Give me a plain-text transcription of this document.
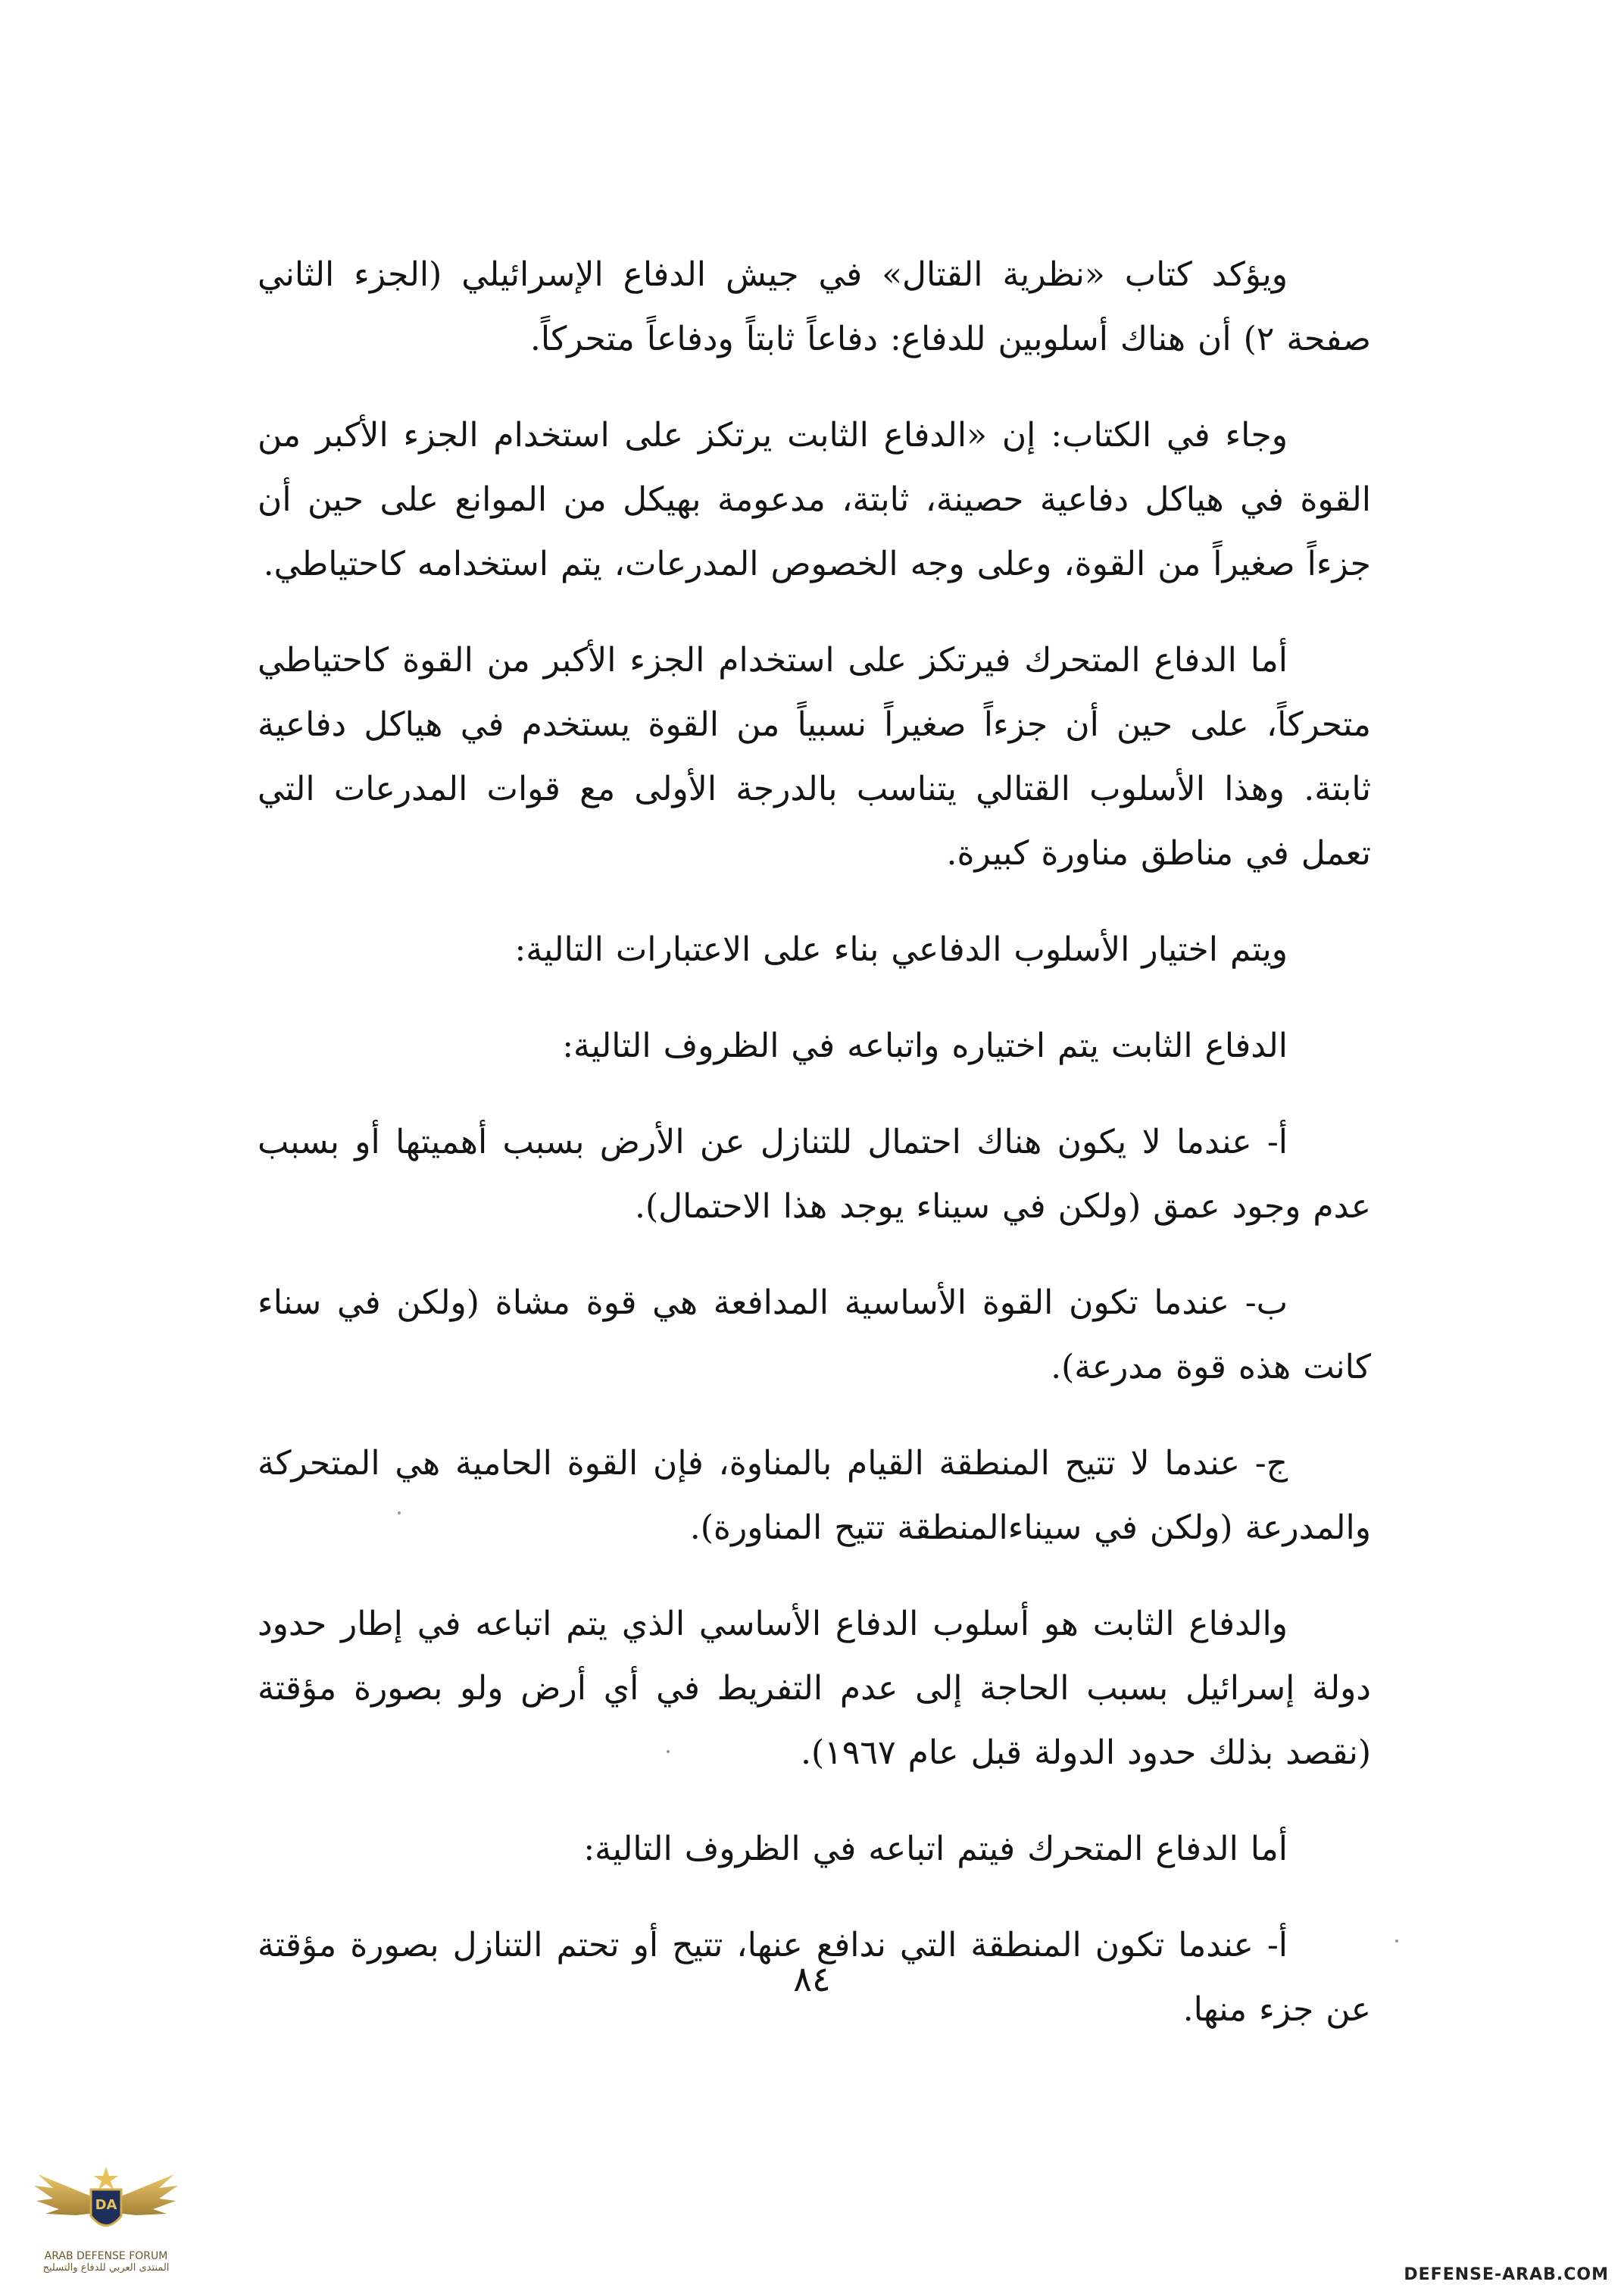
ويؤكد كتاب «نظرية القتال» في جيش الدفاع الإسرائيلي (الجزء الثاني صفحة ٢) أن هناك أسلوبين للدفاع: دفاعاً ثابتاً ودفاعاً متحركاً.

وجاء في الكتاب: إن «الدفاع الثابت يرتكز على استخدام الجزء الأكبر من القوة في هياكل دفاعية حصينة، ثابتة، مدعومة بهيكل من الموانع على حين أن جزءاً صغيراً من القوة، وعلى وجه الخصوص المدرعات، يتم استخدامه كاحتياطي.

أما الدفاع المتحرك فيرتكز على استخدام الجزء الأكبر من القوة كاحتياطي متحركاً، على حين أن جزءاً صغيراً نسبياً من القوة يستخدم في هياكل دفاعية ثابتة. وهذا الأسلوب القتالي يتناسب بالدرجة الأولى مع قوات المدرعات التي تعمل في مناطق مناورة كبيرة.

ويتم اختيار الأسلوب الدفاعي بناء على الاعتبارات التالية:

الدفاع الثابت يتم اختياره واتباعه في الظروف التالية:

أ- عندما لا يكون هناك احتمال للتنازل عن الأرض بسبب أهميتها أو بسبب عدم وجود عمق (ولكن في سيناء يوجد هذا الاحتمال).

ب- عندما تكون القوة الأساسية المدافعة هي قوة مشاة (ولكن في سناء كانت هذه قوة مدرعة).

ج- عندما لا تتيح المنطقة القيام بالمناوة، فإن القوة الحامية هي المتحركة والمدرعة (ولكن في سيناءالمنطقة تتيح المناورة).

والدفاع الثابت هو أسلوب الدفاع الأساسي الذي يتم اتباعه في إطار حدود دولة إسرائيل بسبب الحاجة إلى عدم التفريط في أي أرض ولو بصورة مؤقتة (نقصد بذلك حدود الدولة قبل عام ١٩٦٧).

أما الدفاع المتحرك فيتم اتباعه في الظروف التالية:

أ- عندما تكون المنطقة التي ندافع عنها، تتيح أو تحتم التنازل بصورة مؤقتة عن جزء منها.

٨٤
DA
ARAB DEFENSE FORUM
المنتدى العربي للدفاع والتسليح	DEFENSE-ARAB.COM
